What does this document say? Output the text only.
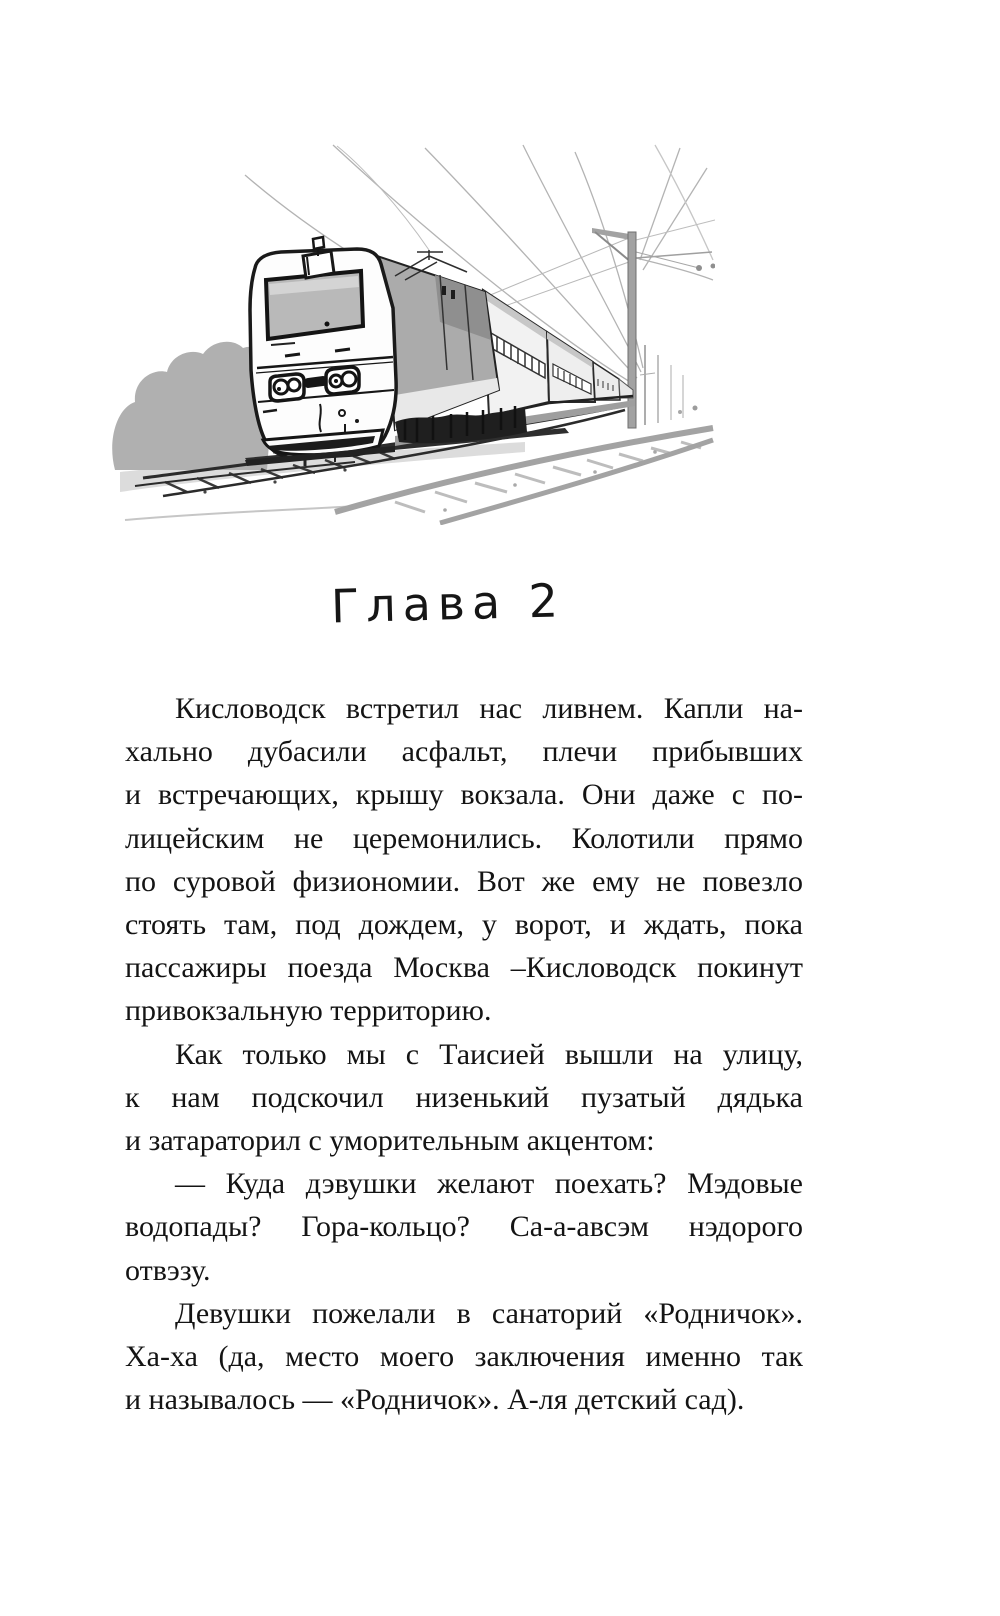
Глава 2
Кисловодск встретил нас ливнем. Капли на-
хально дубасили асфальт, плечи прибывших
и встречающих, крышу вокзала. Они даже с по-
лицейским не церемонились. Колотили прямо
по суровой физиономии. Вот же ему не повезло
стоять там, под дождем, у ворот, и ждать, пока
пассажиры поезда Москва –Кисловодск покинут
привокзальную территорию.
Как только мы с Таисией вышли на улицу,
к нам подскочил низенький пузатый дядька
и затараторил с уморительным акцентом:
— Куда дэвушки желают поехать? Мэдовые
водопады? Гора-кольцо? Са-а-авсэм нэдорого
отвэзу.
Девушки пожелали в санаторий «Родничок».
Ха-ха (да, место моего заключения именно так
и называлось — «Родничок». А-ля детский сад).
